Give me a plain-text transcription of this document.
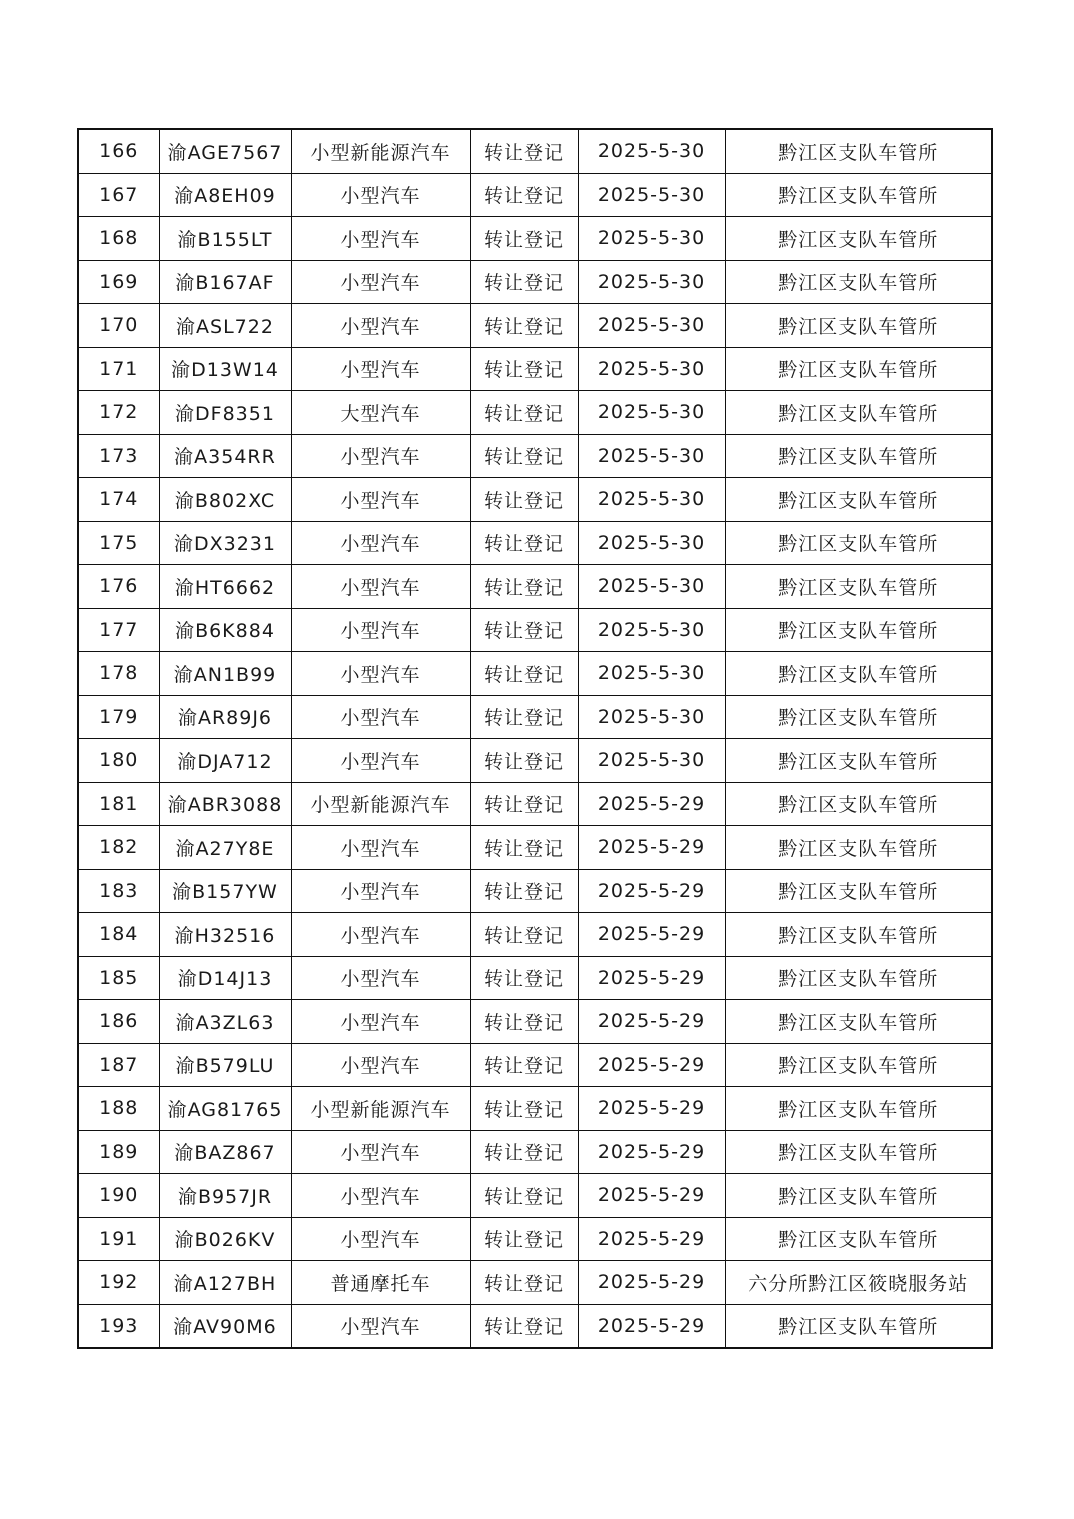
166	渝AGE7567	小型新能源汽车	转让登记	2025-5-30	黔江区支队车管所
167	渝A8EH09	小型汽车	转让登记	2025-5-30	黔江区支队车管所
168	渝B155LT	小型汽车	转让登记	2025-5-30	黔江区支队车管所
169	渝B167AF	小型汽车	转让登记	2025-5-30	黔江区支队车管所
170	渝ASL722	小型汽车	转让登记	2025-5-30	黔江区支队车管所
171	渝D13W14	小型汽车	转让登记	2025-5-30	黔江区支队车管所
172	渝DF8351	大型汽车	转让登记	2025-5-30	黔江区支队车管所
173	渝A354RR	小型汽车	转让登记	2025-5-30	黔江区支队车管所
174	渝B802XC	小型汽车	转让登记	2025-5-30	黔江区支队车管所
175	渝DX3231	小型汽车	转让登记	2025-5-30	黔江区支队车管所
176	渝HT6662	小型汽车	转让登记	2025-5-30	黔江区支队车管所
177	渝B6K884	小型汽车	转让登记	2025-5-30	黔江区支队车管所
178	渝AN1B99	小型汽车	转让登记	2025-5-30	黔江区支队车管所
179	渝AR89J6	小型汽车	转让登记	2025-5-30	黔江区支队车管所
180	渝DJA712	小型汽车	转让登记	2025-5-30	黔江区支队车管所
181	渝ABR3088	小型新能源汽车	转让登记	2025-5-29	黔江区支队车管所
182	渝A27Y8E	小型汽车	转让登记	2025-5-29	黔江区支队车管所
183	渝B157YW	小型汽车	转让登记	2025-5-29	黔江区支队车管所
184	渝H32516	小型汽车	转让登记	2025-5-29	黔江区支队车管所
185	渝D14J13	小型汽车	转让登记	2025-5-29	黔江区支队车管所
186	渝A3ZL63	小型汽车	转让登记	2025-5-29	黔江区支队车管所
187	渝B579LU	小型汽车	转让登记	2025-5-29	黔江区支队车管所
188	渝AG81765	小型新能源汽车	转让登记	2025-5-29	黔江区支队车管所
189	渝BAZ867	小型汽车	转让登记	2025-5-29	黔江区支队车管所
190	渝B957JR	小型汽车	转让登记	2025-5-29	黔江区支队车管所
191	渝B026KV	小型汽车	转让登记	2025-5-29	黔江区支队车管所
192	渝A127BH	普通摩托车	转让登记	2025-5-29	六分所黔江区筱晓服务站
193	渝AV90M6	小型汽车	转让登记	2025-5-29	黔江区支队车管所
